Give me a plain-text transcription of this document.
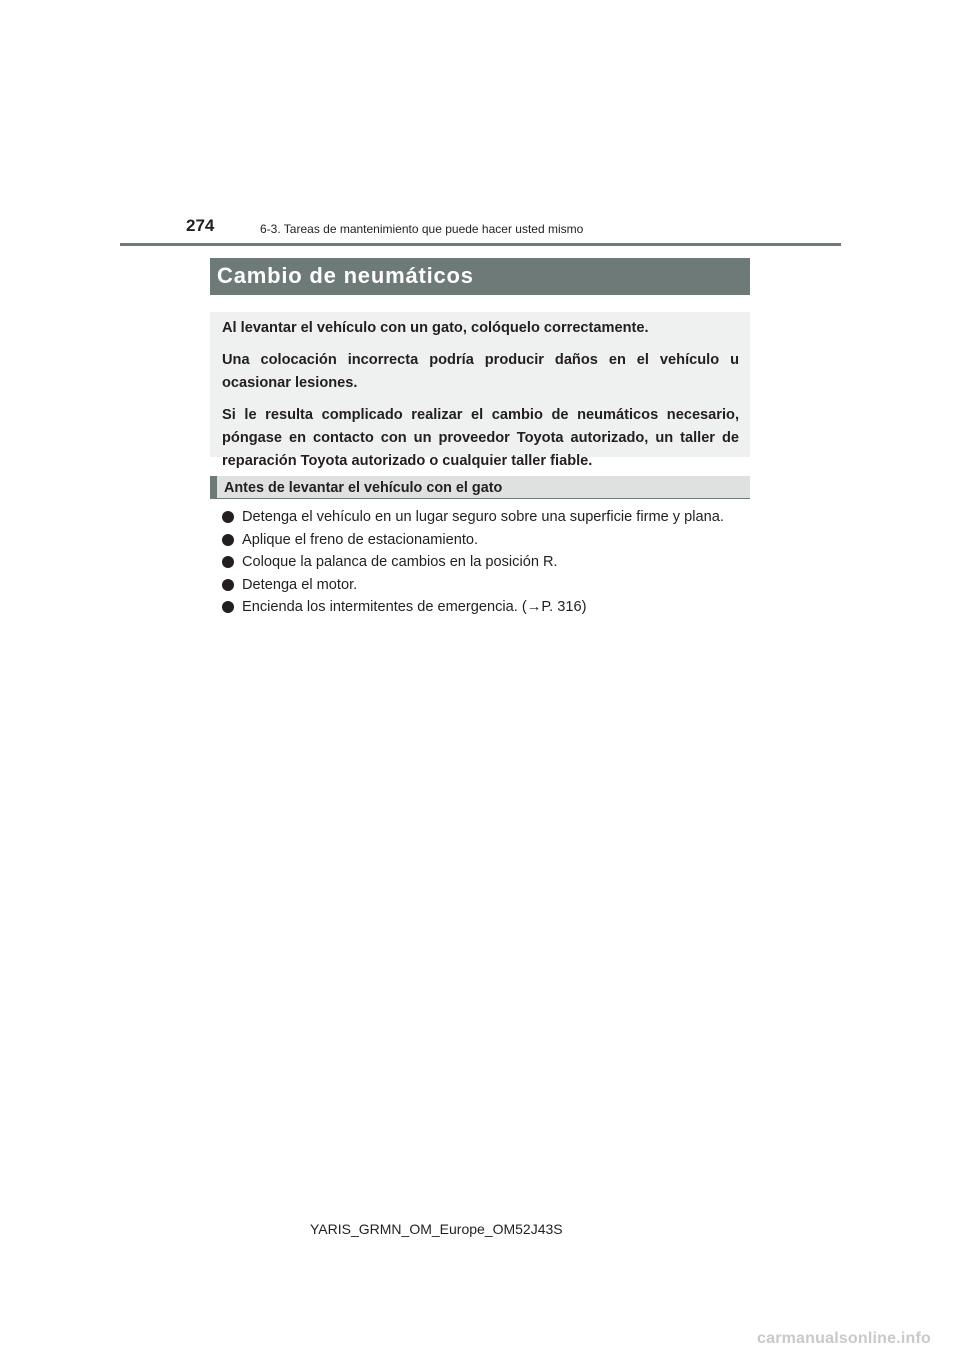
274	6-3. Tareas de mantenimiento que puede hacer usted mismo
Cambio de neumáticos

Al levantar el vehículo con un gato, colóquelo correctamente.

Una colocación incorrecta podría producir daños en el vehículo u ocasionar lesiones.

Si le resulta complicado realizar el cambio de neumáticos necesario, póngase en contacto con un proveedor Toyota autorizado, un taller de reparación Toyota autorizado o cualquier taller fiable.

Antes de levantar el vehículo con el gato
Detenga el vehículo en un lugar seguro sobre una superficie firme y plana.
Aplique el freno de estacionamiento.
Coloque la palanca de cambios en la posición R.
Detenga el motor.
Encienda los intermitentes de emergencia. (→P. 316)
YARIS_GRMN_OM_Europe_OM52J43S
carmanualsonline.info
